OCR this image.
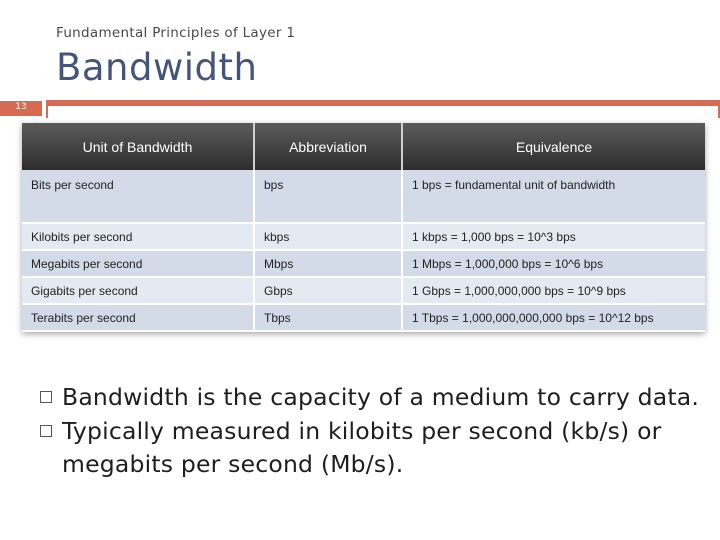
Fundamental Principles of Layer 1
Bandwidth
13
Unit of Bandwidth	Abbreviation	Equivalence
Bits per second	bps	1 bps = fundamental unit of bandwidth
Kilobits per second	kbps	1 kbps = 1,000 bps = 10^3 bps
Megabits per second	Mbps	1 Mbps = 1,000,000 bps = 10^6 bps
Gigabits per second	Gbps	1 Gbps = 1,000,000,000 bps = 10^9 bps
Terabits per second	Tbps	1 Tbps = 1,000,000,000,000 bps = 10^12 bps
Bandwidth is the capacity of a medium to carry data.
Typically measured in kilobits per second (kb/s) or megabits per second (Mb/s).
